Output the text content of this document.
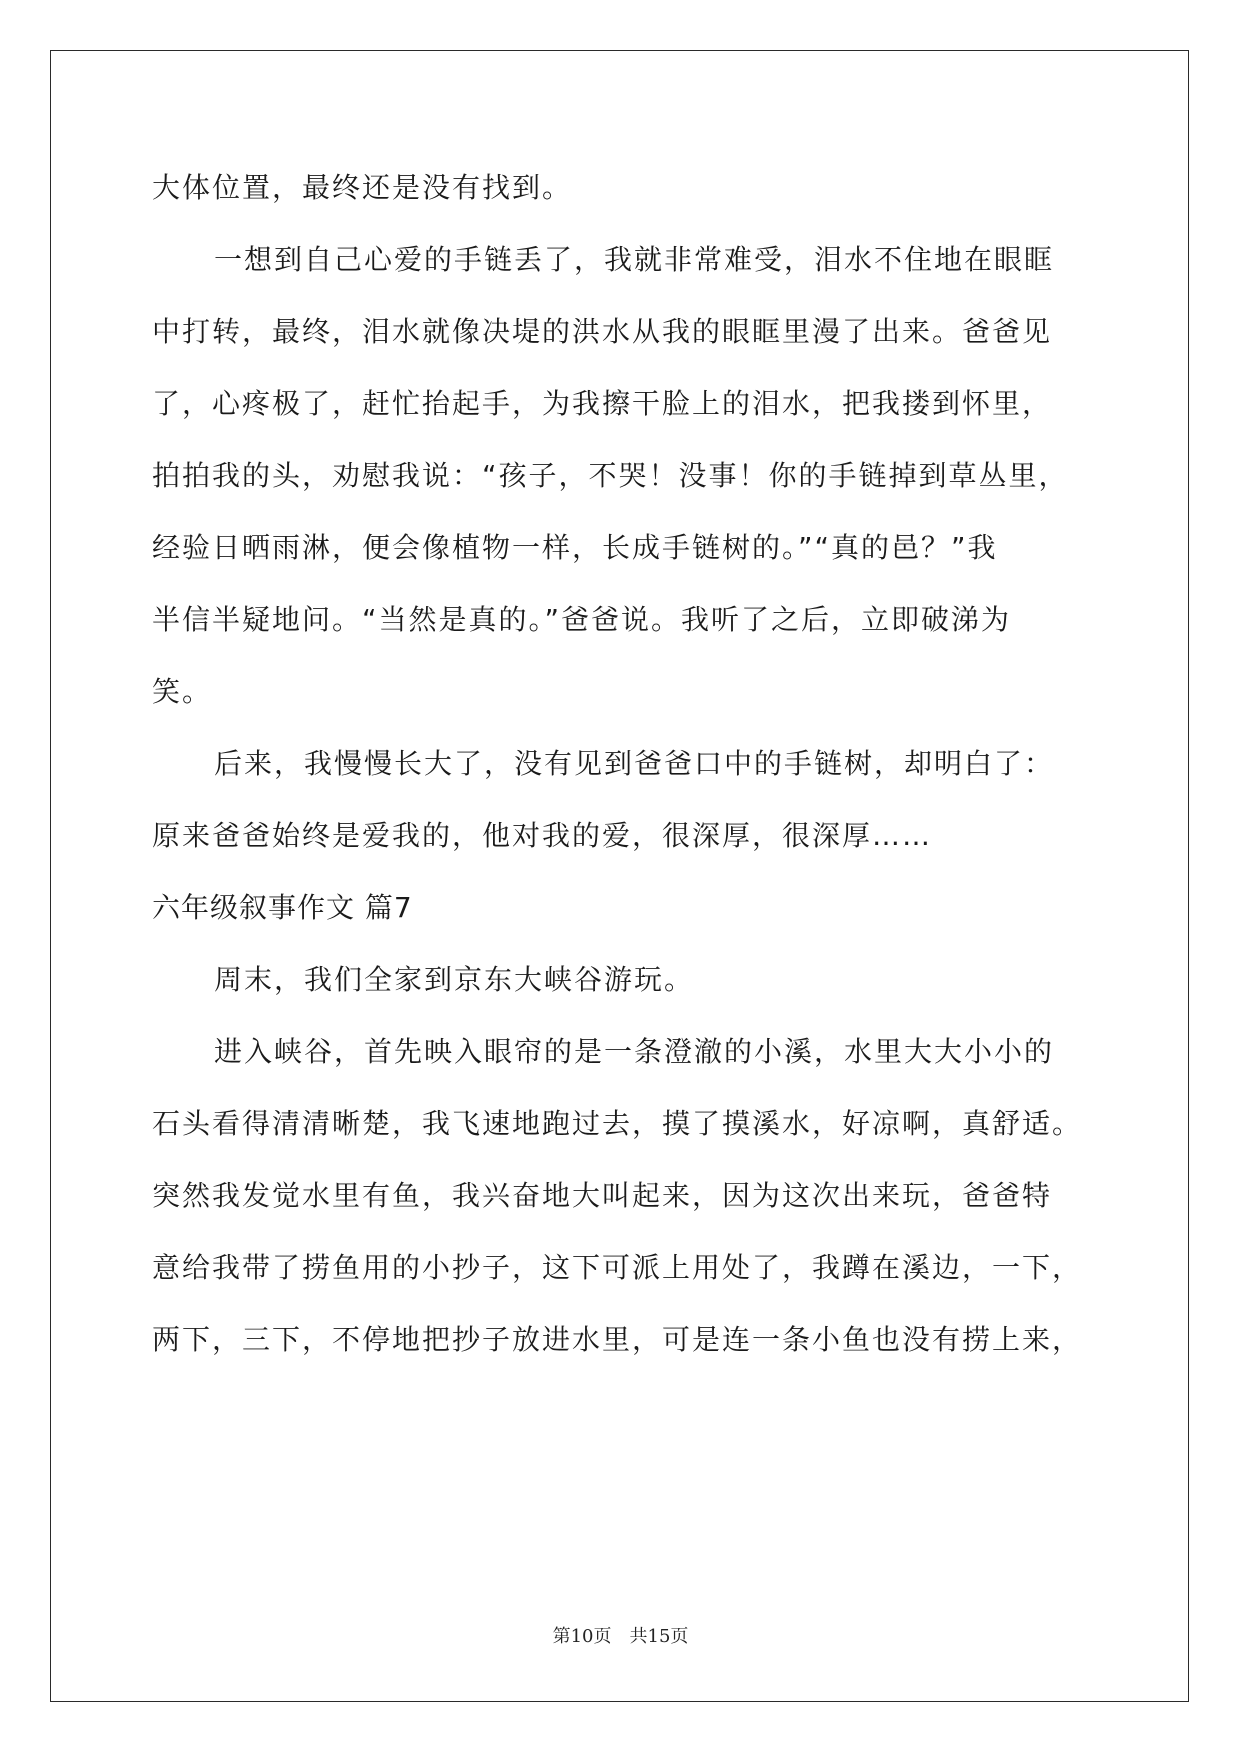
大体位置，最终还是没有找到。
一想到自己心爱的手链丢了，我就非常难受，泪水不住地在眼眶
中打转，最终，泪水就像决堤的洪水从我的眼眶里漫了出来。爸爸见
了，心疼极了，赶忙抬起手，为我擦干脸上的泪水，把我搂到怀里，
拍拍我的头，劝慰我说：“孩子，不哭！没事！你的手链掉到草丛里，
经验日晒雨淋，便会像植物一样，长成手链树的。”“真的邑？”我
半信半疑地问。“当然是真的。”爸爸说。我听了之后，立即破涕为
笑。
后来，我慢慢长大了，没有见到爸爸口中的手链树，却明白了：
原来爸爸始终是爱我的，他对我的爱，很深厚，很深厚……
六年级叙事作文 篇7
周末，我们全家到京东大峡谷游玩。
进入峡谷，首先映入眼帘的是一条澄澈的小溪，水里大大小小的
石头看得清清晰楚，我飞速地跑过去，摸了摸溪水，好凉啊，真舒适。
突然我发觉水里有鱼，我兴奋地大叫起来，因为这次出来玩，爸爸特
意给我带了捞鱼用的小抄子，这下可派上用处了，我蹲在溪边，一下，
两下，三下，不停地把抄子放进水里，可是连一条小鱼也没有捞上来，
第10页　共15页
